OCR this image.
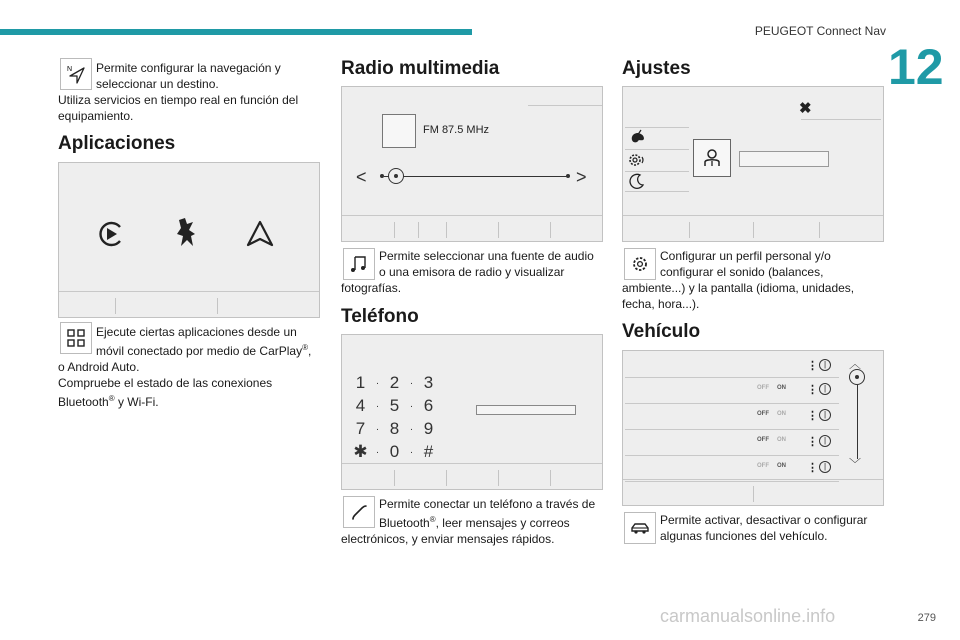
PEUGEOT Connect Nav
12
N	Permite configurar la navegación y
seleccionar un destino.
Utiliza servicios en tiempo real en función del
equipamiento.
Aplicaciones
Ejecute ciertas aplicaciones desde un
móvil conectado por medio de CarPlay®,
o Android Auto.
Compruebe el estado de las conexiones
Bluetooth® y Wi-Fi.
Radio multimedia
FM 87.5 MHz
<	>
Permite seleccionar una fuente de audio
o una emisora de radio y visualizar
fotografías.
Teléfono
1 · 2 · 3
4 · 5 · 6
7 · 8 · 9
✱ · 0 · #
Permite conectar un teléfono a través de
Bluetooth®, leer mensajes y correos
electrónicos, y enviar mensajes rápidos.
Ajustes
✖
Configurar un perfil personal y/o
configurar el sonido (balances,
ambiente...) y la pantalla (idioma, unidades,
fecha, hora...).
Vehículo
⋮ |
OFF ON ⋮ |
OFF ON ⋮ |
OFF ON ⋮ |
OFF ON ⋮ |
︿
﹀
Permite activar, desactivar o configurar
algunas funciones del vehículo.
carmanualsonline.info	279
